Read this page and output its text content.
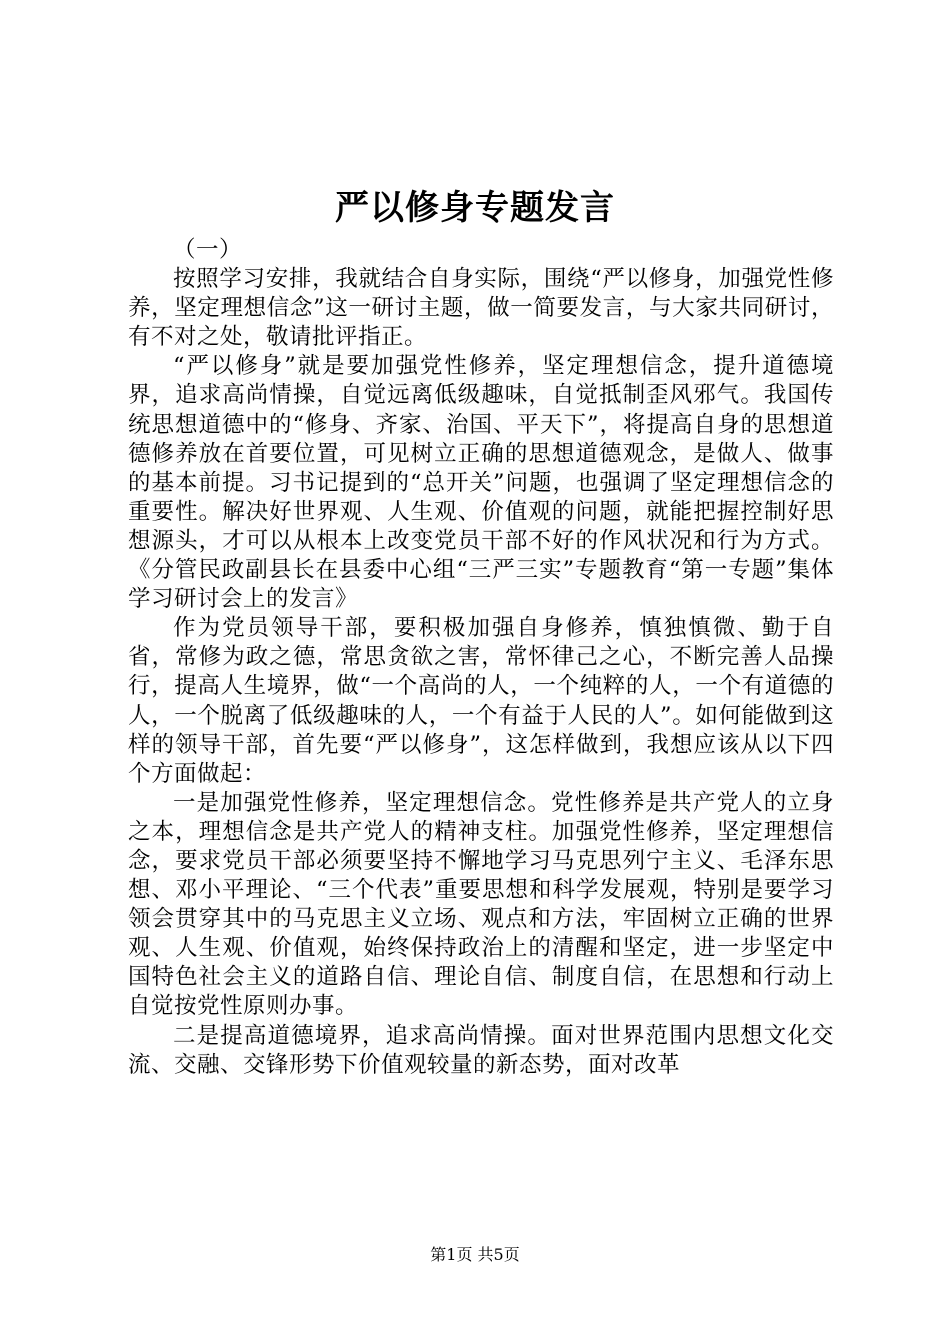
严以修身专题发言

（一）

按照学习安排，我就结合自身实际，围绕“严以修身，加强党性修养，坚定理想信念”这一研讨主题，做一简要发言，与大家共同研讨，有不对之处，敬请批评指正。

“严以修身”就是要加强党性修养，坚定理想信念，提升道德境界，追求高尚情操，自觉远离低级趣味，自觉抵制歪风邪气。我国传统思想道德中的“修身、齐家、治国、平天下”，将提高自身的思想道德修养放在首要位置，可见树立正确的思想道德观念，是做人、做事的基本前提。习书记提到的“总开关”问题，也强调了坚定理想信念的重要性。解决好世界观、人生观、价值观的问题，就能把握控制好思想源头，才可以从根本上改变党员干部不好的作风状况和行为方式。《分管民政副县长在县委中心组“三严三实”专题教育“第一专题”集体学习研讨会上的发言》

作为党员领导干部，要积极加强自身修养，慎独慎微、勤于自省，常修为政之德，常思贪欲之害，常怀律己之心，不断完善人品操行，提高人生境界，做“一个高尚的人，一个纯粹的人，一个有道德的人，一个脱离了低级趣味的人，一个有益于人民的人”。如何能做到这样的领导干部，首先要“严以修身”，这怎样做到，我想应该从以下四个方面做起：

一是加强党性修养，坚定理想信念。党性修养是共产党人的立身之本，理想信念是共产党人的精神支柱。加强党性修养，坚定理想信念，要求党员干部必须要坚持不懈地学习马克思列宁主义、毛泽东思想、邓小平理论、“三个代表”重要思想和科学发展观，特别是要学习领会贯穿其中的马克思主义立场、观点和方法，牢固树立正确的世界观、人生观、价值观，始终保持政治上的清醒和坚定，进一步坚定中国特色社会主义的道路自信、理论自信、制度自信，在思想和行动上自觉按党性原则办事。

二是提高道德境界，追求高尚情操。面对世界范围内思想文化交流、交融、交锋形势下价值观较量的新态势，面对改革

第1页 共5页
